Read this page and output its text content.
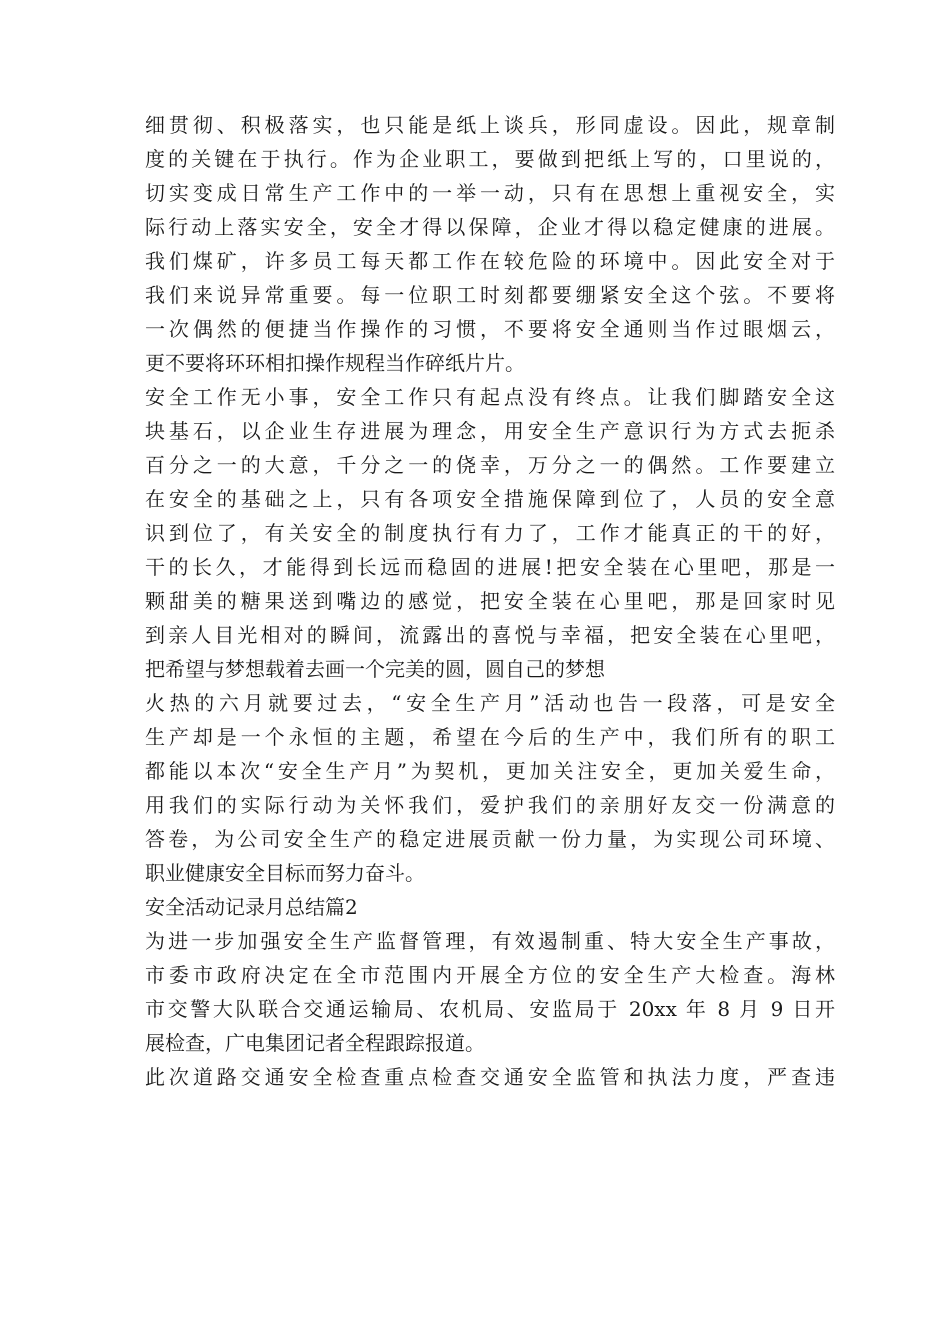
细贯彻、积极落实，也只能是纸上谈兵，形同虚设。因此，规章制
度的关键在于执行。作为企业职工，要做到把纸上写的，口里说的，
切实变成日常生产工作中的一举一动，只有在思想上重视安全，实
际行动上落实安全，安全才得以保障，企业才得以稳定健康的进展。
我们煤矿，许多员工每天都工作在较危险的环境中。因此安全对于
我们来说异常重要。每一位职工时刻都要绷紧安全这个弦。不要将
一次偶然的便捷当作操作的习惯，不要将安全通则当作过眼烟云，
更不要将环环相扣操作规程当作碎纸片片。
安全工作无小事，安全工作只有起点没有终点。让我们脚踏安全这
块基石，以企业生存进展为理念，用安全生产意识行为方式去扼杀
百分之一的大意，千分之一的侥幸，万分之一的偶然。工作要建立
在安全的基础之上，只有各项安全措施保障到位了，人员的安全意
识到位了，有关安全的制度执行有力了，工作才能真正的干的好，
干的长久，才能得到长远而稳固的进展!把安全装在心里吧，那是一
颗甜美的糖果送到嘴边的感觉，把安全装在心里吧，那是回家时见
到亲人目光相对的瞬间，流露出的喜悦与幸福，把安全装在心里吧，
把希望与梦想载着去画一个完美的圆，圆自己的梦想
火热的六月就要过去，“安全生产月”活动也告一段落，可是安全
生产却是一个永恒的主题，希望在今后的生产中，我们所有的职工
都能以本次“安全生产月”为契机，更加关注安全，更加关爱生命，
用我们的实际行动为关怀我们，爱护我们的亲朋好友交一份满意的
答卷，为公司安全生产的稳定进展贡献一份力量，为实现公司环境、
职业健康安全目标而努力奋斗。
安全活动记录月总结篇2
为进一步加强安全生产监督管理，有效遏制重、特大安全生产事故，
市委市政府决定在全市范围内开展全方位的安全生产大检查。海林
市交警大队联合交通运输局、农机局、安监局于 20xx 年 8 月 9 日开
展检查，广电集团记者全程跟踪报道。
此次道路交通安全检查重点检查交通安全监管和执法力度，严查违
